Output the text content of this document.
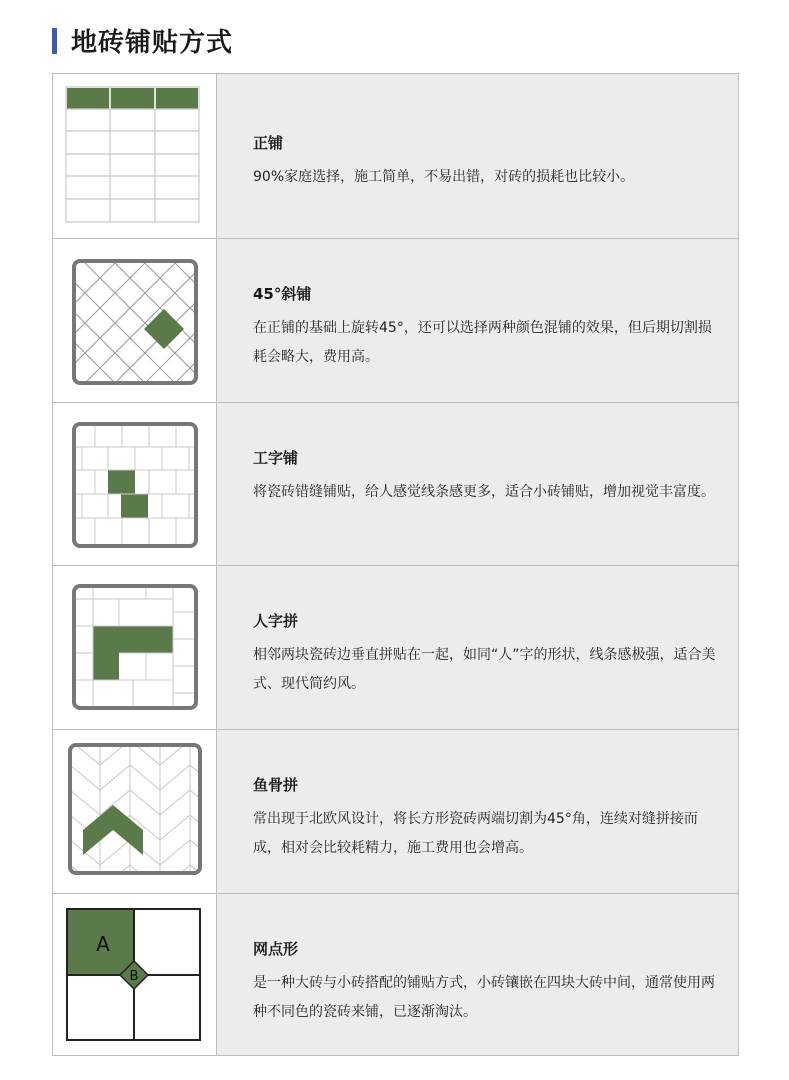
地砖铺贴方式
正铺
90%家庭选择，施工简单，不易出错，对砖的损耗也比较小。
45°斜铺
在正铺的基础上旋转45°，还可以选择两种颜色混铺的效果，但后期切割损耗会略大，费用高。
工字铺
将瓷砖错缝铺贴，给人感觉线条感更多，适合小砖铺贴，增加视觉丰富度。
人字拼
相邻两块瓷砖边垂直拼贴在一起，如同“人”字的形状，线条感极强，适合美式、现代简约风。
鱼骨拼
常出现于北欧风设计，将长方形瓷砖两端切割为45°角，连续对缝拼接而成，相对会比较耗精力，施工费用也会增高。
A
B
网点形
是一种大砖与小砖搭配的铺贴方式，小砖镶嵌在四块大砖中间，通常使用两种不同色的瓷砖来铺，已逐渐淘汰。
